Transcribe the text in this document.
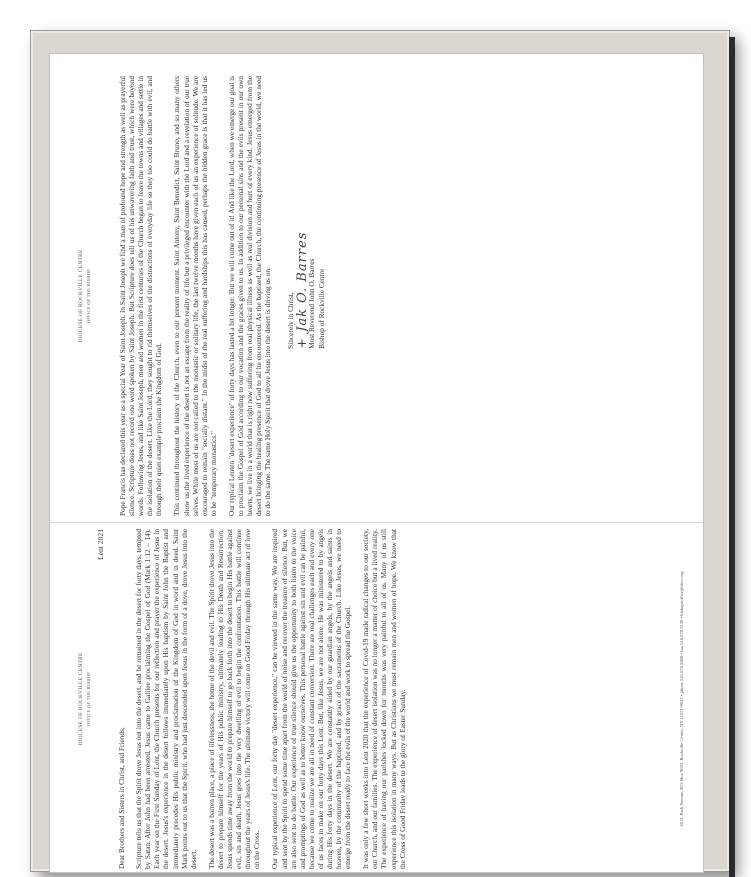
DIOCESE OF ROCKVILLE CENTRE OFFICE OF THE BISHOP	Pope Francis has declared this year as a special Year of Saint Joseph. In Saint Joseph we find a man of profound hope and strength as well as prayerful silence. Scripture does not record one word spoken by Saint Joseph. But Scripture does tell us of his unwavering faith and trust, which were beyond words. Following Jesus, and like Saint Joseph, men and women in the first centuries of the Church began to leave the towns and villages and settle in the isolation of the desert. Like the Lord, they sought to rid themselves of the distractions of everyday life so they too could do battle with evil, and through their quiet example proclaim the Kingdom of God. This continued throughout the history of the Church, even to our present moment. Saint Antony, Saint Benedict, Saint Bruno, and so many others show us the lived experience of the desert is not an escape from the reality of life but a privileged encounter with the Lord and a revelation of our true selves. While most of us are not called to the monastic or solitary life, the last twelve months have given each of us an experience of solitude. We are encouraged to remain "socially distant." In the midst of the real suffering and hardships this has caused, perhaps the hidden grace is that it has led us to be "temporary monastics." Our typical Lenten "desert experience" of forty days has lasted a bit longer. But we will come out of it! And like the Lord, when we emerge our goal is to proclaim the Gospel of God according to our vocation and the graces given to us. In addition to our personal sins and the evils present in our own hearts, we live in a world that is right now suffering from real physical illness as well as real division and hurt of every kind. Jesus emerged from the desert bringing the healing presence of God to all he encountered. As the baptized, the Church, the continuing presence of Jesus in the world, we need to do the same. The same Holy Spirit that drove Jesus into the desert is driving us on. Sincerely in Christ, + Jak O. Barres
Most Reverend John O. Barres Bishop of Rockville Centre
DIOCESE OF ROCKVILLE CENTRE OFFICE OF THE BISHOP
Lent 2021
Dear Brothers and Sisters in Christ, and Friends, Scripture tells us that the Spirit drove Jesus out into the desert, and he remained in the desert for forty days, tempted by Satan. After John had been arrested, Jesus came to Galilee proclaiming the Gospel of God (Mark 1:12 – 14). Each year on the First Sunday of Lent, the Church presents for our reflection and prayer the experience of Jesus in the desert. Jesus's experience in the desert follows immediately upon His baptism by Saint John the Baptist and immediately precedes His public ministry and proclamation of the Kingdom of God in word and in deed. Saint Mark points out to us that the Spirit, who had just descended upon Jesus in the form of a dove, drove Jesus into the desert. The desert was a barren place, a place of lifelessness, the home of the devil and evil. The Spirit drove Jesus into the desert to prepare himself for the years of His public ministry, ultimately leading to His Death and Resurrection. Jesus spends time away from the world to prepare himself to go back forth into the desert to begin His battle against evil, sin and death. Jesus goes into the very dwelling of evil to begin the confrontation. This battle will continue throughout the years of Jesus's life. The ultimate victory will come on Good Friday through His ultimate act of love on the Cross. Our typical experience of Lent, our forty day "desert experience," can be viewed in the same way. We are inspired and sent by the Spirit to spend some time apart from the world of noise and recover the treasure of silence. But, we are also sent to do battle. Our experience of true silence should give us the opportunity to both listen to the voice and promptings of God as well as to better know ourselves. This personal battle against sin and evil can be painful, because we come to realize we are all in need of constant conversion. There are real challenges each and every one of us faces to make on our forty days this Lent. But, like Jesus, we are not alone. He was ministered to by angels during His forty days in the desert. We are constantly aided by our guardian angels, by the angels and saints in heaven, by the community of the baptized, and by grace of the sacraments of the Church. Like Jesus, we need to emerge from the desert ready to face the evils of the world and work to spread the Gospel. It was only a few short weeks into Lent 2020 that the experience of Covid-19 made radical changes to our society, our Church, and our families. The experience of desert isolation was no longer a matter of choice but a lived reality. The experience of having our parishes locked down for months was very painful to all of us. Many of us still experience this isolation in many ways. But as Christians we must remain men and women of hope. We know that the Cross of Good Friday leads to the glory of Easter Sunday.	50 N. Park Avenue, P.O. Box 9023, Rockville Centre, NY 11571-9023 • phone 516.678.5800 • fax 516.678.3138 • bishopsoffice@drvc.org
